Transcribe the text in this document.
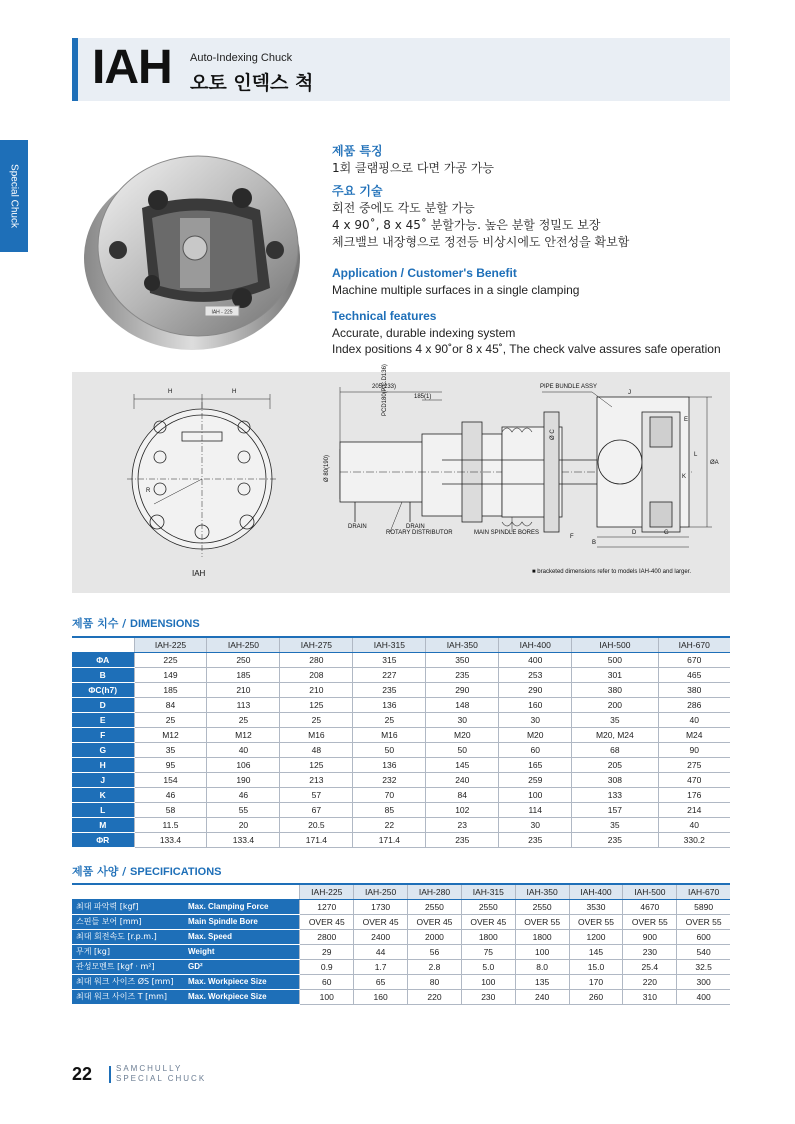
IAH Auto-Indexing Chuck
오토 인덱스 척
Special Chuck
IAH - 225
제품 특징
1회 클램핑으로 다면 가공 가능
주요 기술
회전 중에도 각도 분할 가능
4 x 90˚, 8 x 45˚ 분할가능. 높은 분할 정밀도 보장
체크밸브 내장형으로 정전등 비상시에도 안전성을 확보함
Application / Customer's Benefit
Machine multiple surfaces in a single clamping
Technical features
Accurate, durable indexing system
Index positions 4 x 90˚or 8 x 45˚, The check valve assures safe operation
H	H
R
205(233)
185(1)
PCD180(P.C.D136)
Ø 80(190)
PIPE BUNDLE ASSY
J
Ø C
ROTARY DISTRIBUTOR	MAIN SPINDLE BORES
F
B
D	G
E
L
K
ØA
DRAIN	DRAIN
IAH	■ bracketed dimensions refer to models IAH-400 and larger.
제품 치수 / DIMENSIONS
	IAH-225	IAH-250	IAH-275	IAH-315	IAH-350	IAH-400	IAH-500	IAH-670
ΦA	225	250	280	315	350	400	500	670
B	149	185	208	227	235	253	301	465
ΦC(h7)	185	210	210	235	290	290	380	380
D	84	113	125	136	148	160	200	286
E	25	25	25	25	30	30	35	40
F	M12	M12	M16	M16	M20	M20	M20, M24	M24
G	35	40	48	50	50	60	68	90
H	95	106	125	136	145	165	205	275
J	154	190	213	232	240	259	308	470
K	46	46	57	70	84	100	133	176
L	58	55	67	85	102	114	157	214
M	11.5	20	20.5	22	23	30	35	40
ΦR	133.4	133.4	171.4	171.4	235	235	235	330.2
제품 사양 / SPECIFICATIONS
		IAH-225	IAH-250	IAH-280	IAH-315	IAH-350	IAH-400	IAH-500	IAH-670
최대 파악력 [kgf]	Max. Clamping Force	1270	1730	2550	2550	2550	3530	4670	5890
스핀들 보어 [mm]	Main Spindle Bore	OVER 45	OVER 45	OVER 45	OVER 45	OVER 55	OVER 55	OVER 55	OVER 55
최대 회전속도 [r.p.m.]	Max. Speed	2800	2400	2000	1800	1800	1200	900	600
무게 [kg]	Weight	29	44	56	75	100	145	230	540
관성모멘트 [kgf · m²]	GD²	0.9	1.7	2.8	5.0	8.0	15.0	25.4	32.5
최대 워크 사이즈 ØS [mm]	Max. Workpiece Size	60	65	80	100	135	170	220	300
최대 워크 사이즈 T [mm]	Max. Workpiece Size	100	160	220	230	240	260	310	400
22	SAMCHULLY
SPECIAL CHUCK
